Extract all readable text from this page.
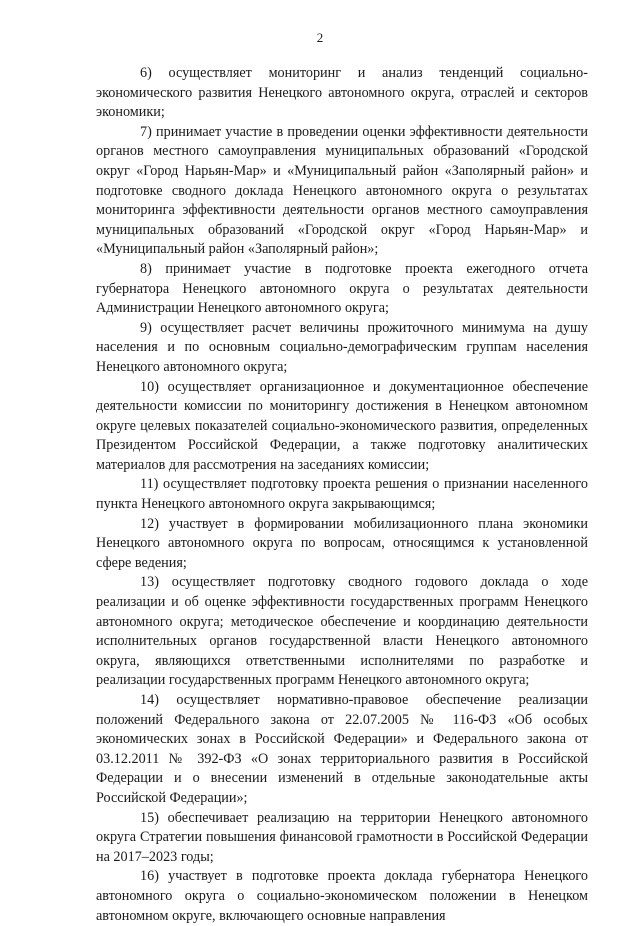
2

6) осуществляет мониторинг и анализ тенденций социально-экономического развития Ненецкого автономного округа, отраслей и секторов экономики;

7) принимает участие в проведении оценки эффективности деятельности органов местного самоуправления муниципальных образований «Городской округ «Город Нарьян-Мар» и «Муниципальный район «Заполярный район» и подготовке сводного доклада Ненецкого автономного округа о результатах мониторинга эффективности деятельности органов местного самоуправления муниципальных образований «Городской округ «Город Нарьян-Мар» и «Муниципальный район «Заполярный район»;

8) принимает участие в подготовке проекта ежегодного отчета губернатора Ненецкого автономного округа о результатах деятельности Администрации Ненецкого автономного округа;

9) осуществляет расчет величины прожиточного минимума на душу населения и по основным социально-демографическим группам населения Ненецкого автономного округа;

10) осуществляет организационное и документационное обеспечение деятельности комиссии по мониторингу достижения в Ненецком автономном округе целевых показателей социально-экономического развития, определенных Президентом Российской Федерации, а также подготовку аналитических материалов для рассмотрения на заседаниях комиссии;

11) осуществляет подготовку проекта решения о признании населенного пункта Ненецкого автономного округа закрывающимся;

12) участвует в формировании мобилизационного плана экономики Ненецкого автономного округа по вопросам, относящимся к установленной сфере ведения;

13) осуществляет подготовку сводного годового доклада о ходе реализации и об оценке эффективности государственных программ Ненецкого автономного округа; методическое обеспечение и координацию деятельности исполнительных органов государственной власти Ненецкого автономного округа, являющихся ответственными исполнителями по разработке и реализации государственных программ Ненецкого автономного округа;

14) осуществляет нормативно-правовое обеспечение реализации положений Федерального закона от 22.07.2005 № 116-ФЗ «Об особых экономических зонах в Российской Федерации» и Федерального закона от 03.12.2011 № 392-ФЗ «О зонах территориального развития в Российской Федерации и о внесении изменений в отдельные законодательные акты Российской Федерации»;

15) обеспечивает реализацию на территории Ненецкого автономного округа Стратегии повышения финансовой грамотности в Российской Федерации на 2017–2023 годы;

16) участвует в подготовке проекта доклада губернатора Ненецкого автономного округа о социально-экономическом положении в Ненецком автономном округе, включающего основные направления
